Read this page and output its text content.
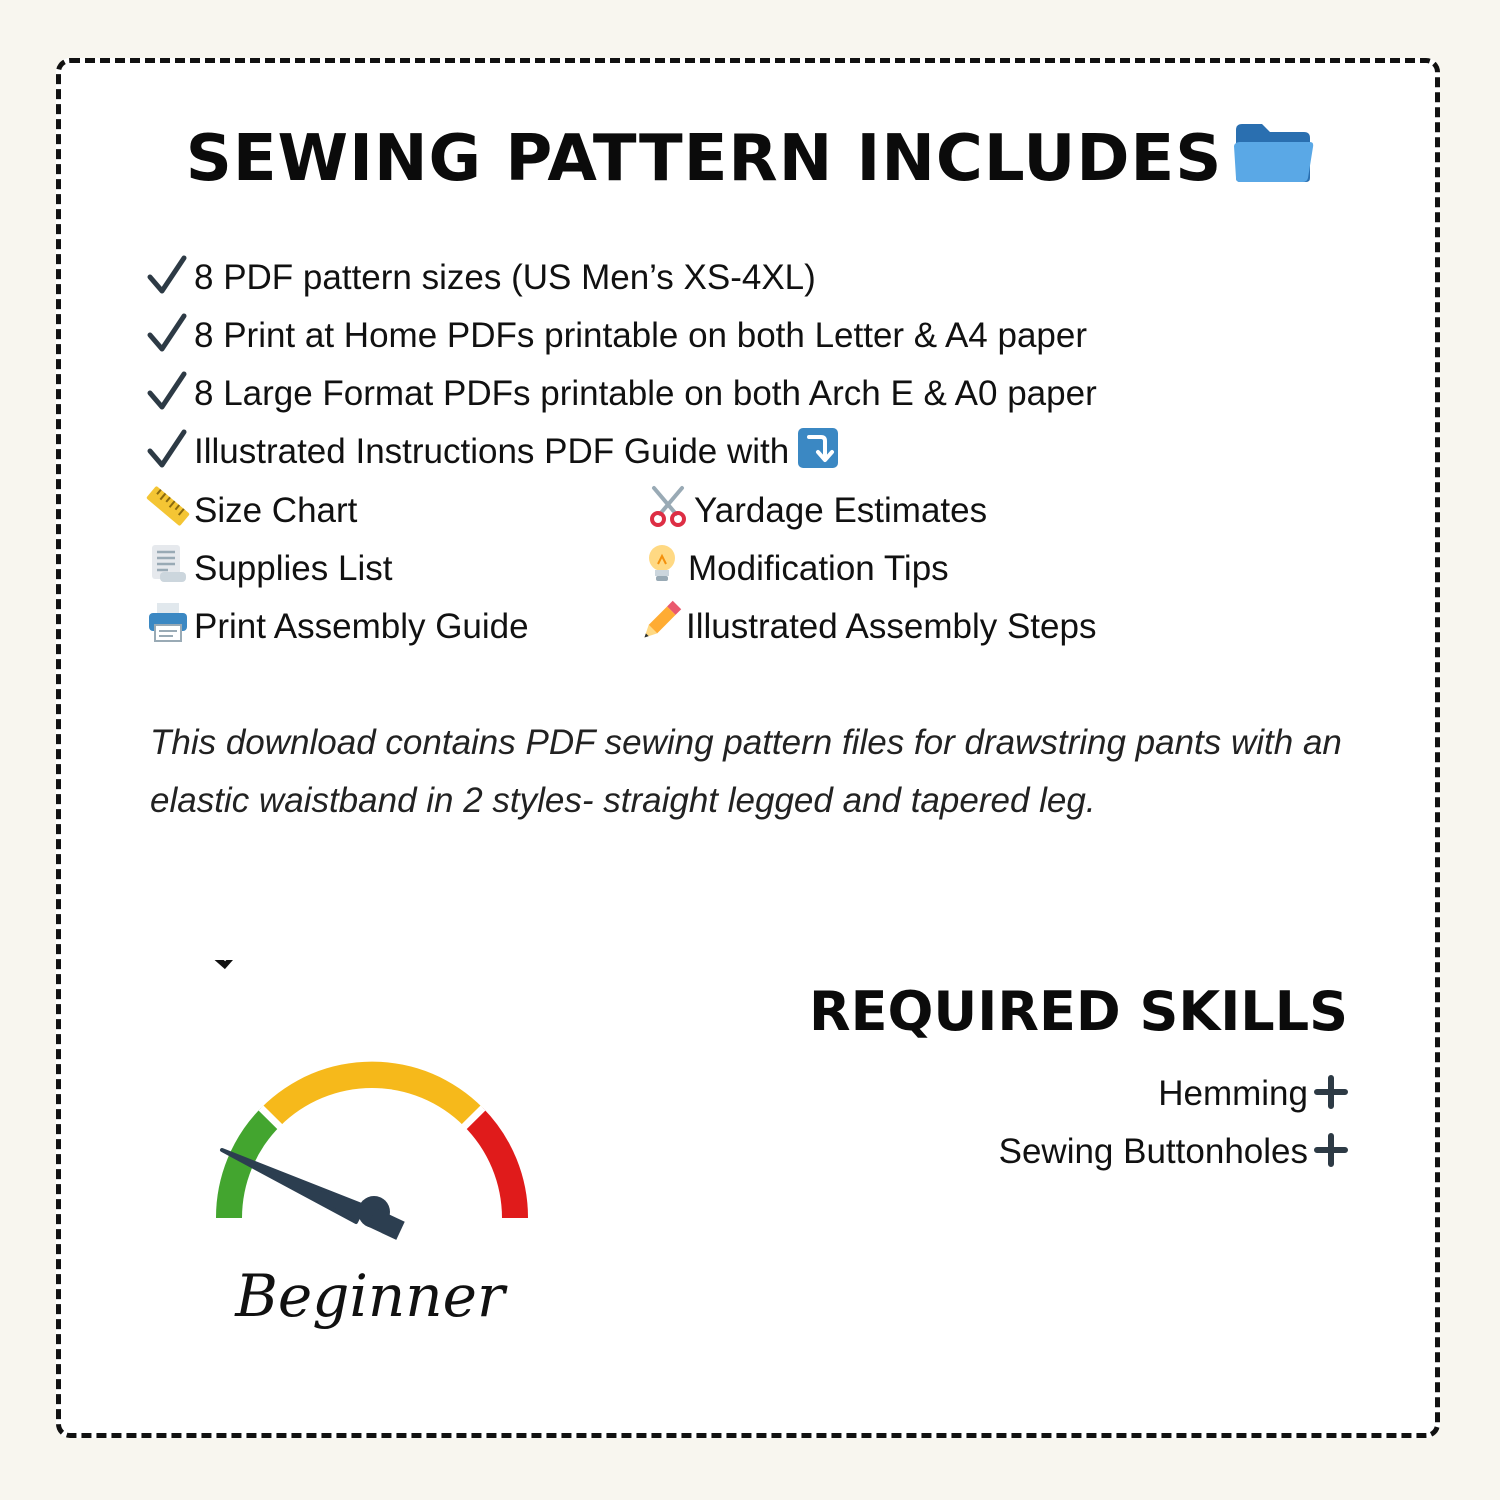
SEWING PATTERN INCLUDES
8 PDF pattern sizes (US Men’s XS-4XL)
8 Print at Home PDFs printable on both Letter & A4 paper
8 Large Format PDFs printable on both Arch E & A0 paper
Illustrated Instructions PDF Guide with
Size Chart
Supplies List
Print Assembly Guide
Yardage Estimates
Modification Tips
Illustrated Assembly Steps
This download contains PDF sewing pattern files for drawstring pants with an elastic waistband in 2 styles- straight legged and tapered leg.
Beginner
REQUIRED SKILLS
Hemming
Sewing Buttonholes
